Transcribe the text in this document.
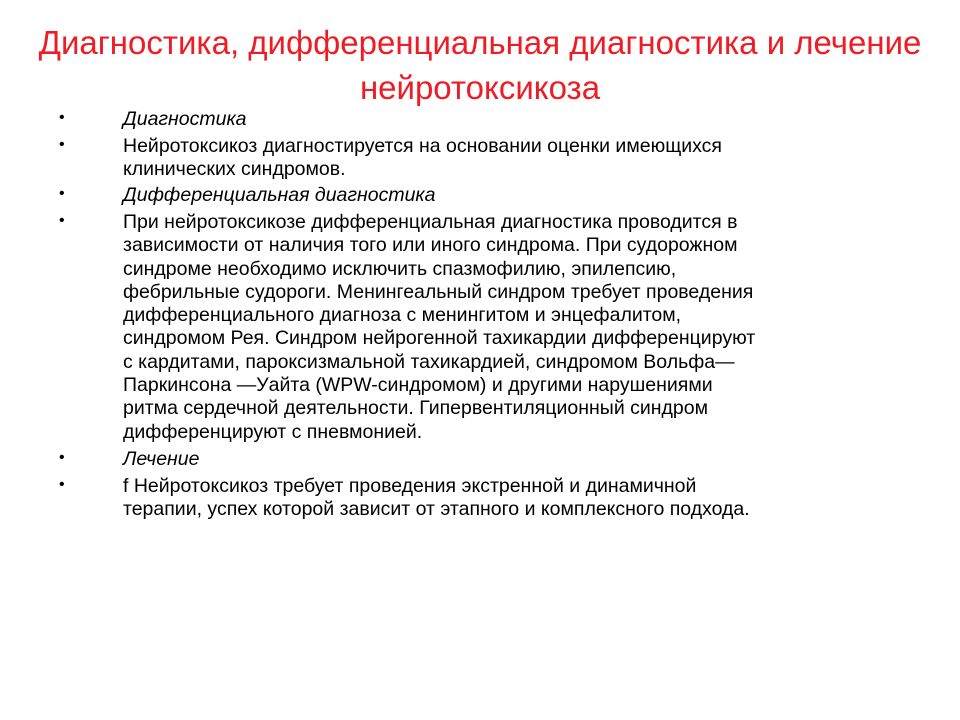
Диагностика, дифференциальная диагностика и лечение нейротоксикоза
•	Диагностика
•	Нейротоксикоз диагностируется на основании оценки имеющихся
клинических синдромов.
•	Дифференциальная диагностика
•	При нейротоксикозе дифференциальная диагностика проводится в
зависимости от наличия того или иного синдрома. При судорожном
синдроме необходимо исключить спазмофилию, эпилепсию,
фебрильные судороги. Менингеальный синдром требует проведения
дифференциального диагноза с менингитом и энцефалитом,
синдромом Рея. Синдром нейрогенной тахикардии дифференцируют
с кардитами, пароксизмальной тахикардией, синдромом Вольфа—
Паркинсона —Уайта (WPW-синдромом) и другими нарушениями
ритма сердечной деятельности. Гипервентиляционный синдром
дифференцируют с пневмонией.
•	Лечение
•	f Нейротоксикоз требует проведения экстренной и динамичной
терапии, успех которой зависит от этапного и комплексного подхода.
